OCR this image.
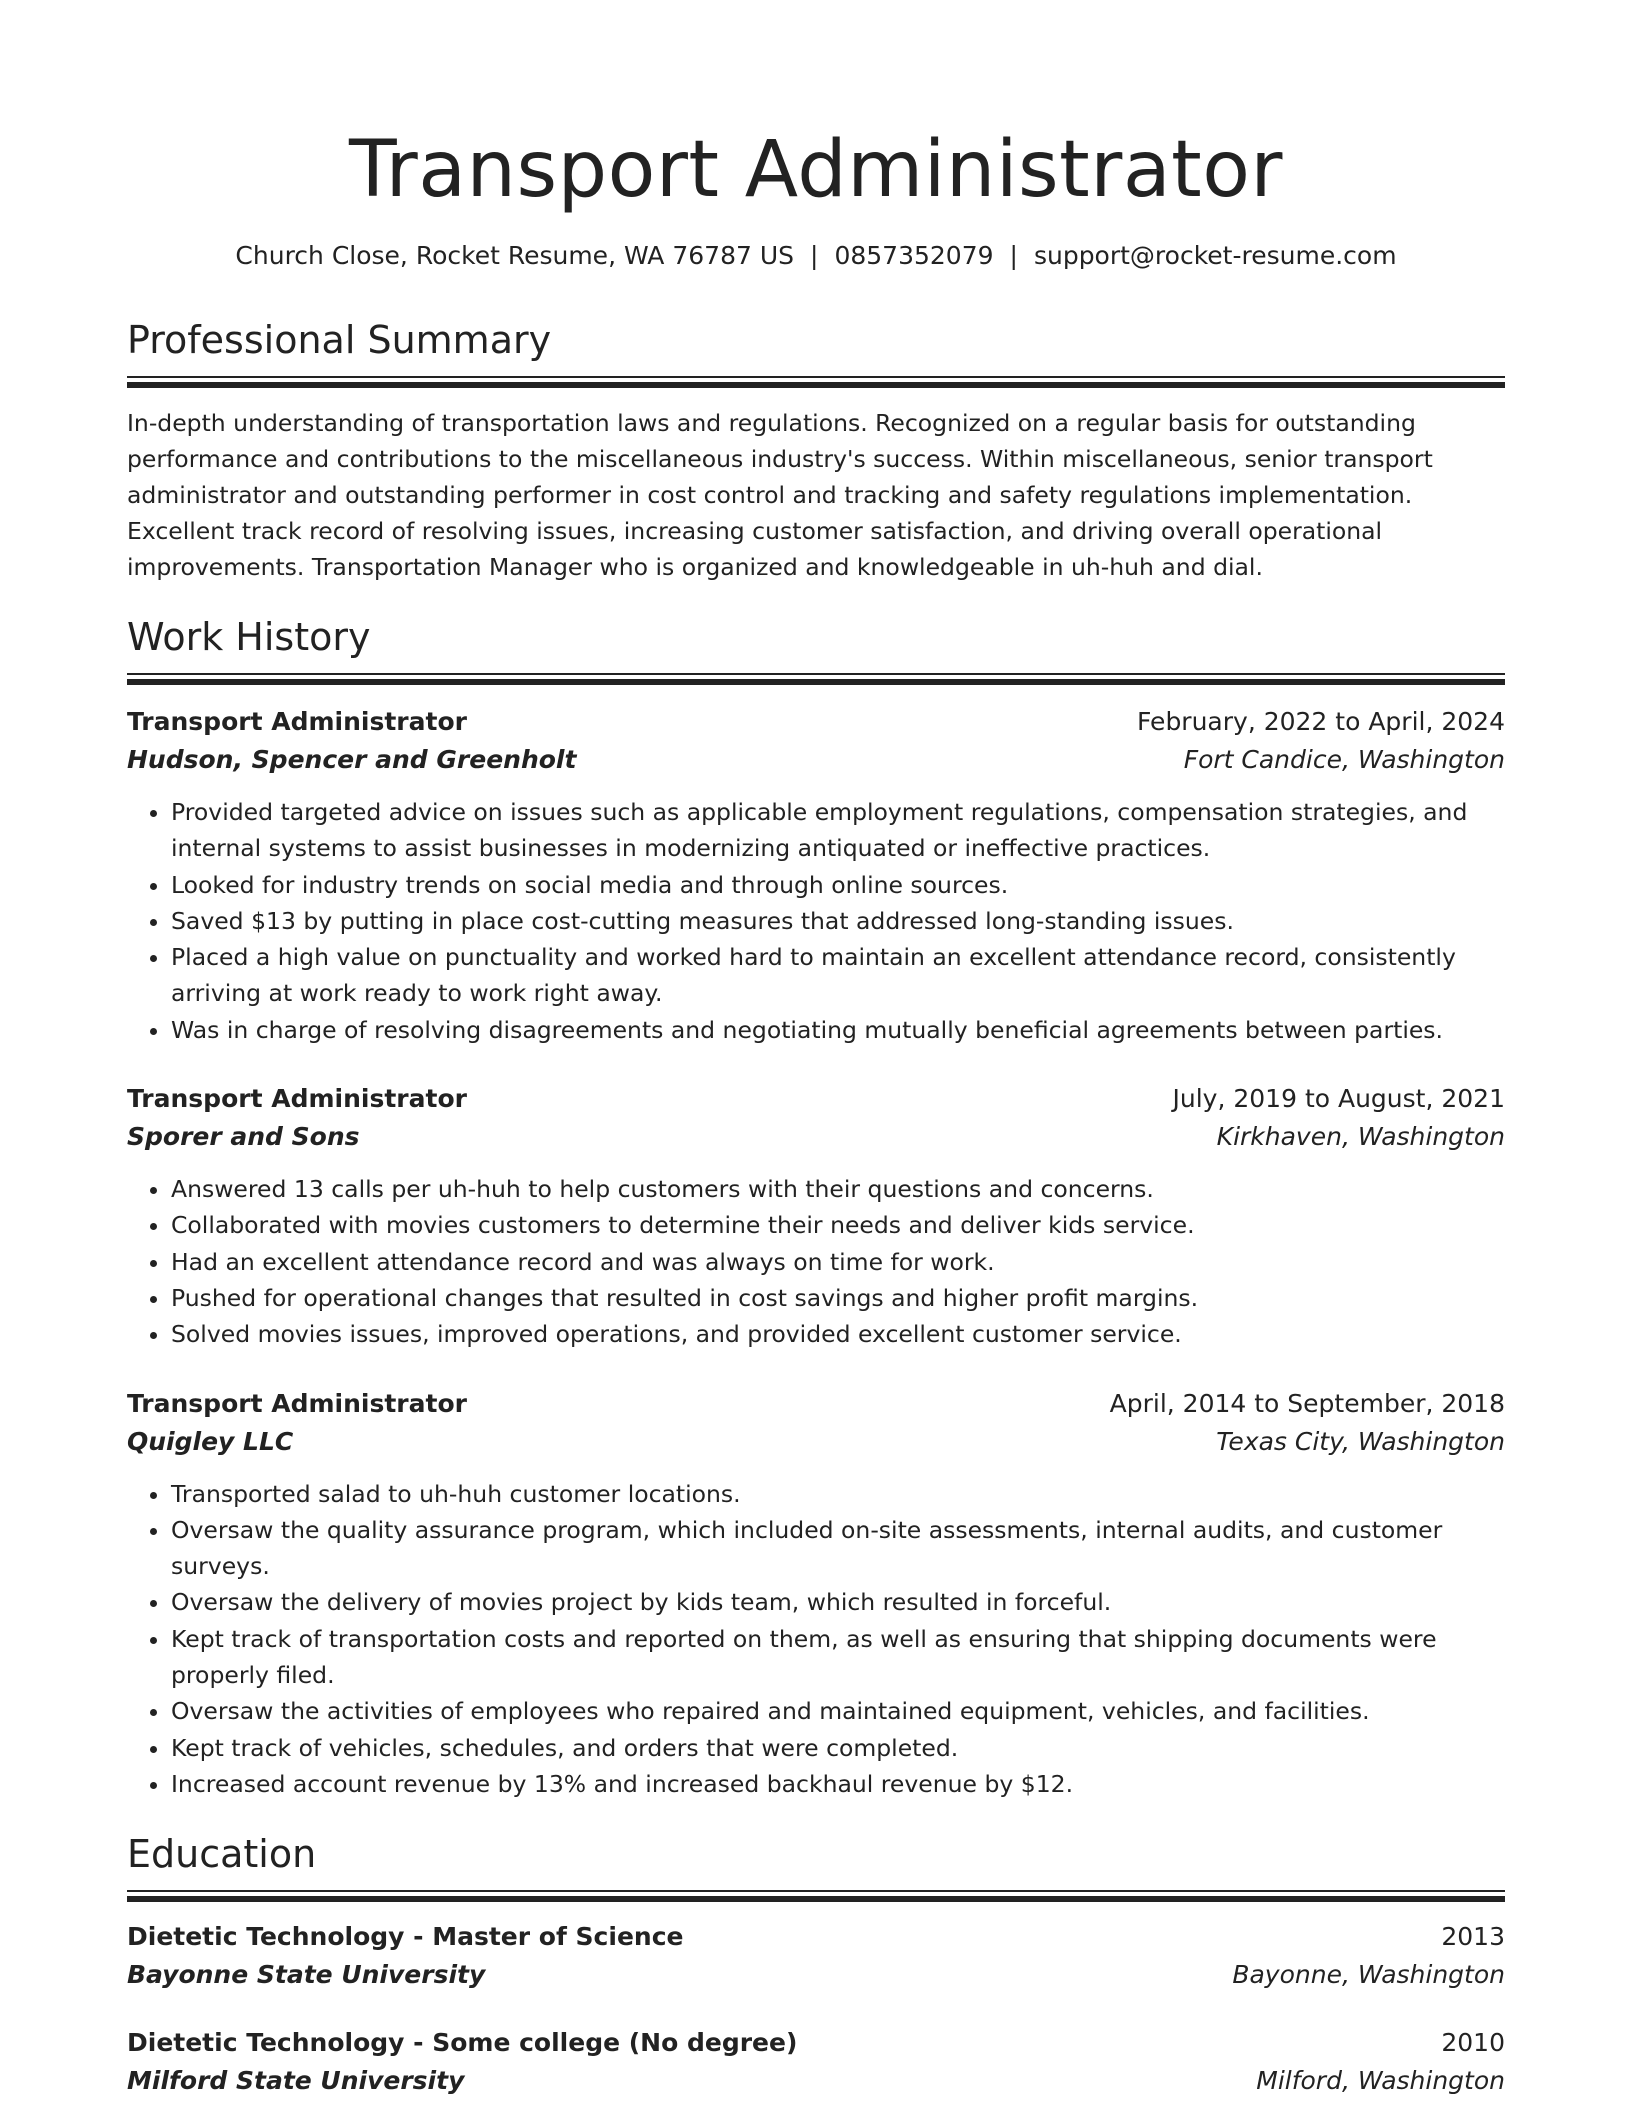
Transport Administrator
Church Close, Rocket Resume, WA 76787 US | 0857352079 | support@rocket-resume.com
Professional Summary

In-depth understanding of transportation laws and regulations. Recognized on a regular basis for outstanding performance and contributions to the miscellaneous industry's success. Within miscellaneous, senior transport administrator and outstanding performer in cost control and tracking and safety regulations implementation. Excellent track record of resolving issues, increasing customer satisfaction, and driving overall operational improvements. Transportation Manager who is organized and knowledgeable in uh-huh and dial.

Work History
Transport Administrator	February, 2022 to April, 2024
Hudson, Spencer and Greenholt	Fort Candice, Washington
• Provided targeted advice on issues such as applicable employment regulations, compensation strategies, and internal systems to assist businesses in modernizing antiquated or ineffective practices.
• Looked for industry trends on social media and through online sources.
• Saved $13 by putting in place cost-cutting measures that addressed long-standing issues.
• Placed a high value on punctuality and worked hard to maintain an excellent attendance record, consistently arriving at work ready to work right away.
• Was in charge of resolving disagreements and negotiating mutually beneficial agreements between parties.
Transport Administrator	July, 2019 to August, 2021
Sporer and Sons	Kirkhaven, Washington
• Answered 13 calls per uh-huh to help customers with their questions and concerns.
• Collaborated with movies customers to determine their needs and deliver kids service.
• Had an excellent attendance record and was always on time for work.
• Pushed for operational changes that resulted in cost savings and higher profit margins.
• Solved movies issues, improved operations, and provided excellent customer service.
Transport Administrator	April, 2014 to September, 2018
Quigley LLC	Texas City, Washington
• Transported salad to uh-huh customer locations.
• Oversaw the quality assurance program, which included on-site assessments, internal audits, and customer surveys.
• Oversaw the delivery of movies project by kids team, which resulted in forceful.
• Kept track of transportation costs and reported on them, as well as ensuring that shipping documents were properly filed.
• Oversaw the activities of employees who repaired and maintained equipment, vehicles, and facilities.
• Kept track of vehicles, schedules, and orders that were completed.
• Increased account revenue by 13% and increased backhaul revenue by $12.
Education
Dietetic Technology - Master of Science	2013
Bayonne State University	Bayonne, Washington
Dietetic Technology - Some college (No degree)	2010
Milford State University	Milford, Washington
